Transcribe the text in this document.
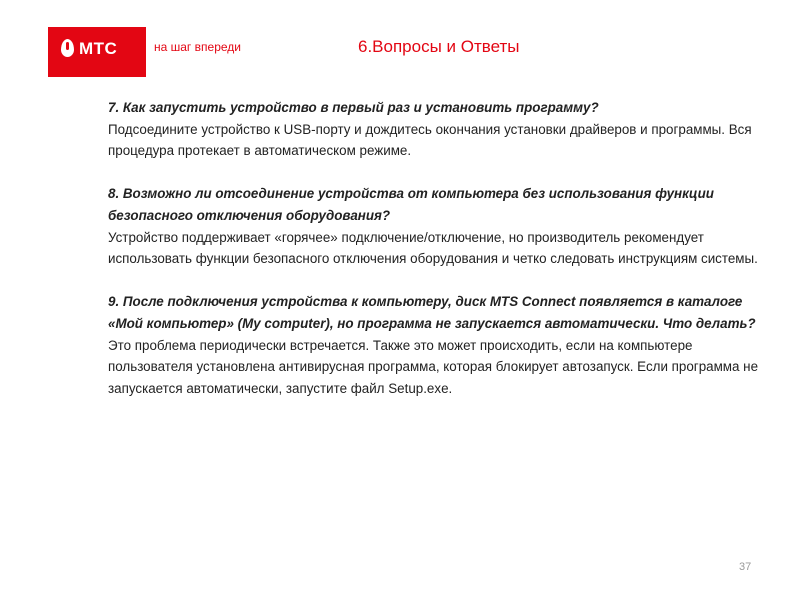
МТС	на шаг впереди	6.Вопросы и Ответы
7. Как запустить устройство в первый раз и установить программу?
Подсоедините устройство к USB-порту и дождитесь окончания установки драйверов и программы. Вся процедура протекает в автоматическом режиме.
8. Возможно ли отсоединение устройства от компьютера без использования функции безопасного отключения оборудования?
Устройство поддерживает «горячее» подключение/отключение, но производитель рекомендует использовать функции безопасного отключения оборудования и четко следовать инструкциям системы.
9. После подключения устройства к компьютеру, диск MTS Connect появляется в каталоге «Мой компьютер» (My computer), но программа не запускается автоматически. Что делать?
Это проблема периодически встречается. Также это может происходить, если на компьютере пользователя установлена антивирусная программа, которая блокирует автозапуск. Если программа не запускается автоматически, запустите файл Setup.exe.
37
